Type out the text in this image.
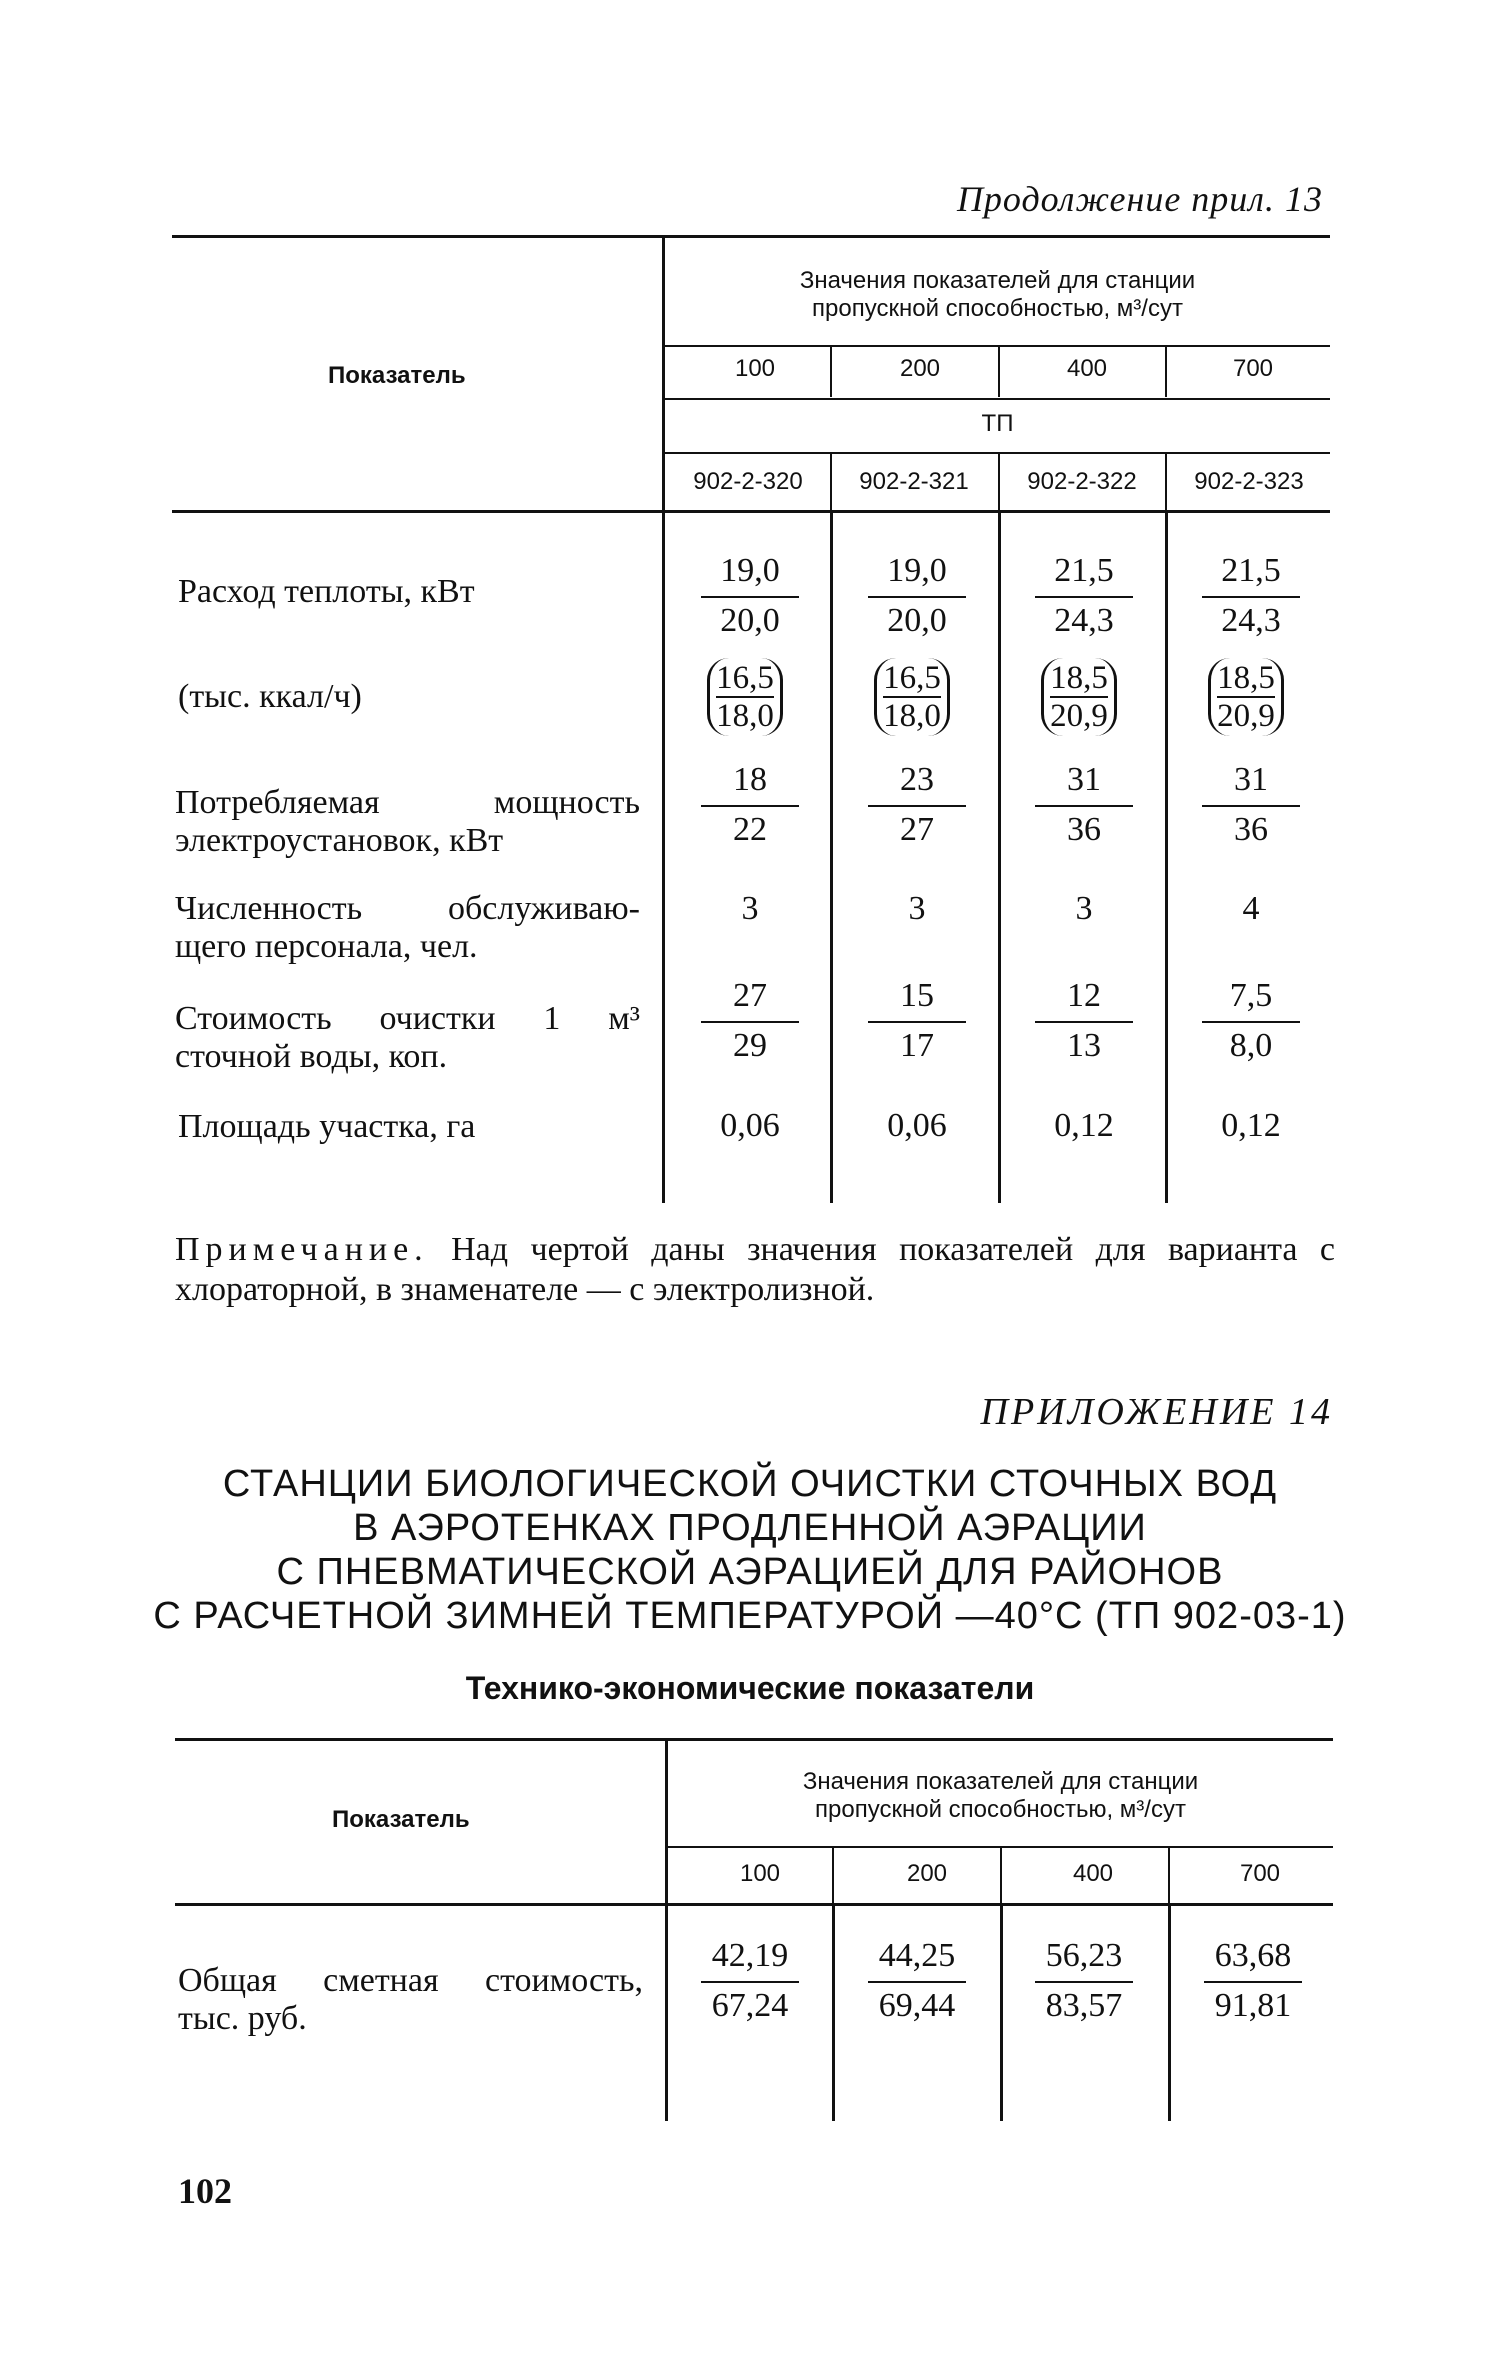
Продолжение прил. 13
Показатель
Значения показателей для станции
пропускной способностью, м³/сут
100	200	400	700
ТП
902-2-320	902-2-321	902-2-322	902-2-323
Расход теплоты, кВт	$\frac{19,0}{20,0} \frac{19,0}{20,0} \frac{21,5}{24,3} \frac{21,5}{24,3}$
(тыс. ккал/ч)	$\frac{16,5}{18,0}$	$\frac{16,5}{18,0}$	$\frac{18,5}{20,9}$	$\frac{18,5}{20,9}$
Потребляемая мощность
электроустановок, кВт	$\frac{18}{22} \frac{23}{27} \frac{31}{36} \frac{31}{36}$
Численность обслуживаю-
щего персонала, чел.
3	3	3	4
Стоимость очистки 1 м³
сточной воды, коп.	$\frac{27}{29} \frac{15}{17} \frac{12}{13} \frac{7,5}{8,0}$
Площадь участка, га	0,06	0,06	0,12	0,12
Примечание. Над чертой даны значения показателей для варианта с хлораторной, в знаменателе — с электролизной.
ПРИЛОЖЕНИЕ 14
СТАНЦИИ БИОЛОГИЧЕСКОЙ ОЧИСТКИ СТОЧНЫХ ВОД
В АЭРОТЕНКАХ ПРОДЛЕННОЙ АЭРАЦИИ
С ПНЕВМАТИЧЕСКОЙ АЭРАЦИЕЙ ДЛЯ РАЙОНОВ
С РАСЧЕТНОЙ ЗИМНЕЙ ТЕМПЕРАТУРОЙ —40°С (ТП 902-03-1)
Технико-экономические показатели
Показатель
Значения показателей для станции
пропускной способностью, м³/сут
100	200	400	700
Общая сметная стоимость,
тыс. руб.	$\frac{42,19}{67,24} \frac{44,25}{69,44} \frac{56,23}{83,57} \frac{63,68}{91,81}$
102
